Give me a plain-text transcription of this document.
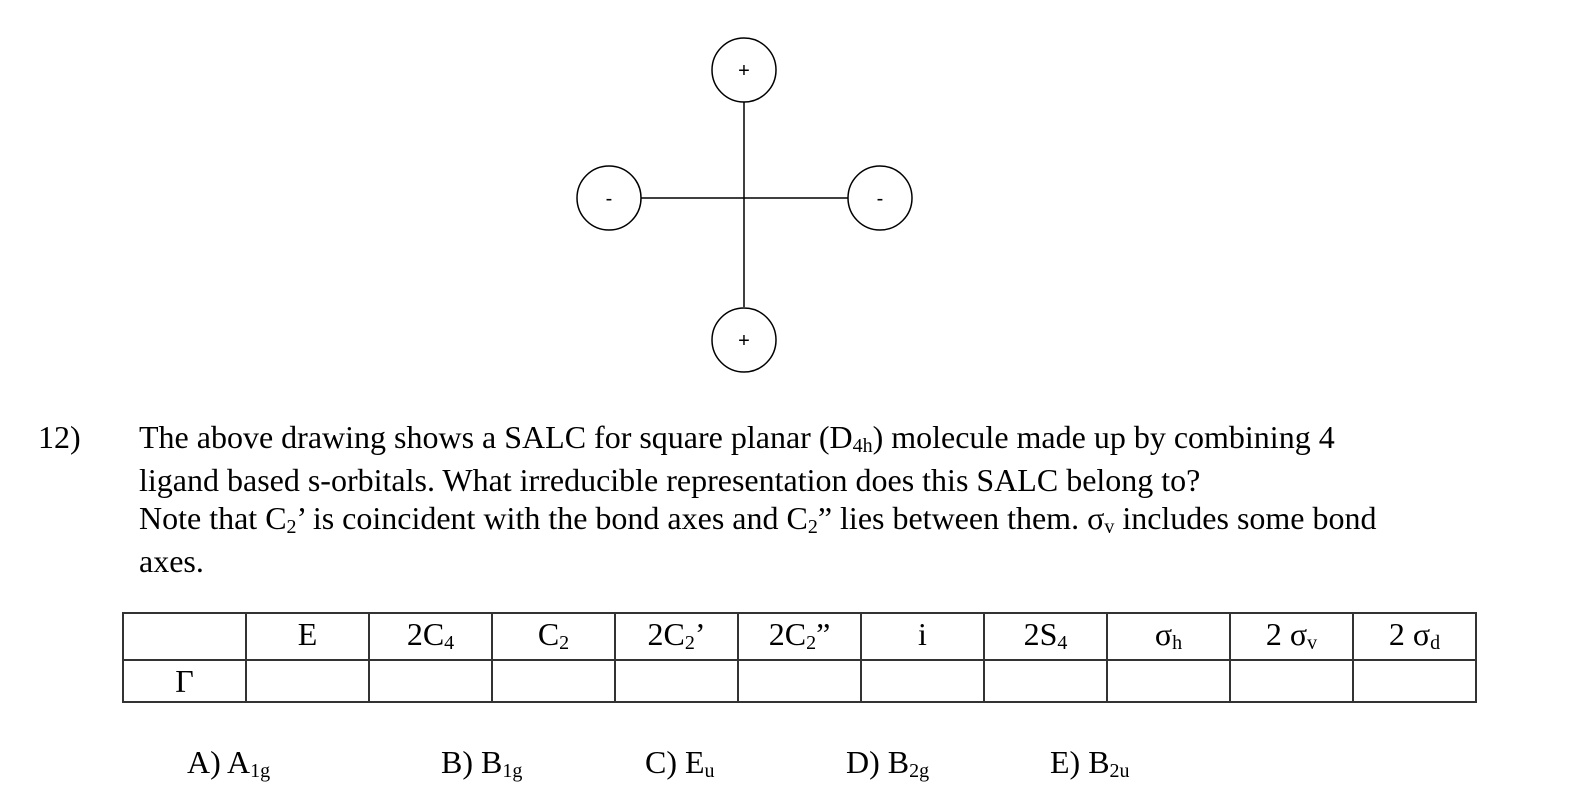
+
+
-	-
12) The above drawing shows a SALC for square planar (D4h) molecule made up by combining 4

ligand based s-orbitals. What irreducible representation does this SALC belong to?

Note that C2’ is coincident with the bond axes and C2” lies between them. σv includes some bond

axes.

	E	2C4	C2	2C2’	2C2”	i	2S4	σh	2 σv	2 σd
Γ										
A) A1g	B) B1g	C) Eu	D) B2g	E) B2u
